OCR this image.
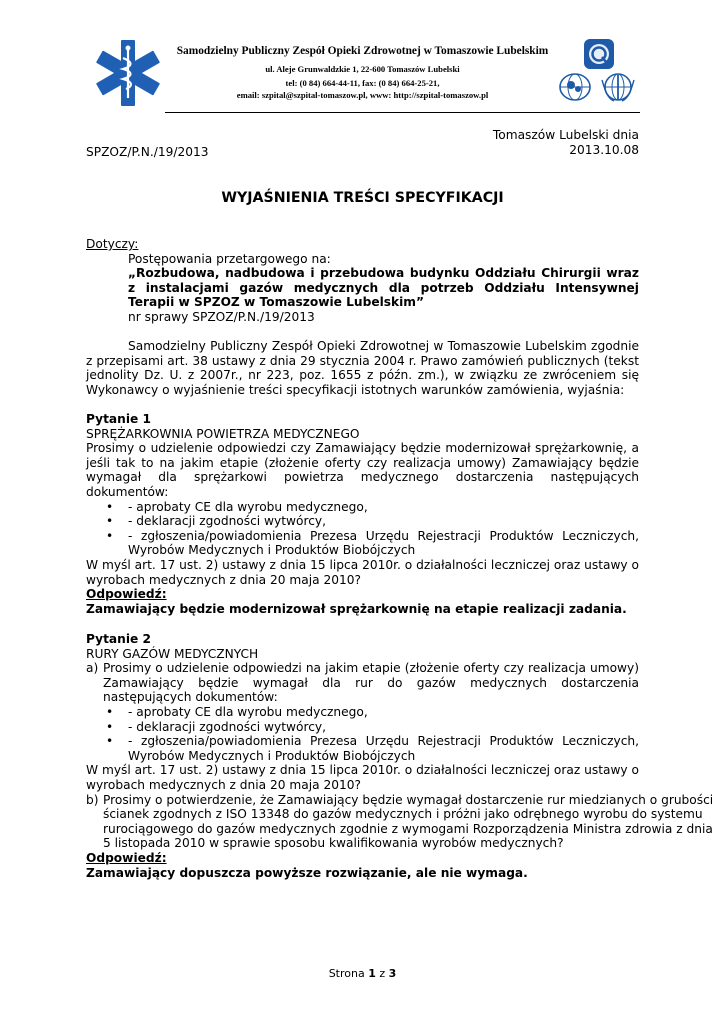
Samodzielny Publiczny Zespół Opieki Zdrowotnej w Tomaszowie Lubelskim
ul. Aleje Grunwaldzkie 1, 22-600 Tomaszów Lubelski
tel: (0 84) 664-44-11, fax: (0 84) 664-25-21,
email: szpital@szpital-tomaszow.pl, www: http://szpital-tomaszow.pl
Tomaszów Lubelski dnia 2013.10.08
SPZOZ/P.N./19/2013
WYJAŚNIENIA TREŚCI SPECYFIKACJI
Dotyczy:
Postępowania przetargowego na:
„Rozbudowa, nadbudowa i przebudowa budynku Oddziału Chirurgii wraz z instalacjami gazów medycznych dla potrzeb Oddziału Intensywnej Terapii w SPZOZ w Tomaszowie Lubelskim”
nr sprawy SPZOZ/P.N./19/2013
Samodzielny Publiczny Zespół Opieki Zdrowotnej w Tomaszowie Lubelskim zgodnie z przepisami art. 38 ustawy z dnia 29 stycznia 2004 r. Prawo zamówień publicznych (tekst jednolity Dz. U. z 2007r., nr 223, poz. 1655 z późn. zm.), w związku ze zwróceniem się Wykonawcy o wyjaśnienie treści specyfikacji istotnych warunków zamówienia, wyjaśnia:
Pytanie 1
SPRĘŻARKOWNIA POWIETRZA MEDYCZNEGO
Prosimy o udzielenie odpowiedzi czy Zamawiający będzie modernizował sprężarkownię, a jeśli tak to na jakim etapie (złożenie oferty czy realizacja umowy) Zamawiający będzie wymagał dla sprężarkowi powietrza medycznego dostarczenia następujących dokumentów:
• - aprobaty CE dla wyrobu medycznego,
• - deklaracji zgodności wytwórcy,
• - zgłoszenia/powiadomienia Prezesa Urzędu Rejestracji Produktów Leczniczych, Wyrobów Medycznych i Produktów Biobójczych
W myśl art. 17 ust. 2) ustawy z dnia 15 lipca 2010r. o działalności leczniczej oraz ustawy o wyrobach medycznych z dnia 20 maja 2010?
Odpowiedź:
Zamawiający będzie modernizował sprężarkownię na etapie realizacji zadania.
Pytanie 2
RURY GAZÓW MEDYCZNYCH
a) Prosimy o udzielenie odpowiedzi na jakim etapie (złożenie oferty czy realizacja umowy) Zamawiający będzie wymagał dla rur do gazów medycznych dostarczenia następujących dokumentów:
• - aprobaty CE dla wyrobu medycznego,
• - deklaracji zgodności wytwórcy,
• - zgłoszenia/powiadomienia Prezesa Urzędu Rejestracji Produktów Leczniczych, Wyrobów Medycznych i Produktów Biobójczych
W myśl art. 17 ust. 2) ustawy z dnia 15 lipca 2010r. o działalności leczniczej oraz ustawy o wyrobach medycznych z dnia 20 maja 2010?
b) Prosimy o potwierdzenie, że Zamawiający będzie wymagał dostarczenie rur miedzianych o grubości
ścianek zgodnych z ISO 13348 do gazów medycznych i próżni jako odrębnego wyrobu do systemu
rurociągowego do gazów medycznych zgodnie z wymogami Rozporządzenia Ministra zdrowia z dnia
5 listopada 2010 w sprawie sposobu kwalifikowania wyrobów medycznych?
Odpowiedź:
Zamawiający dopuszcza powyższe rozwiązanie, ale nie wymaga.
Strona 1 z 3
